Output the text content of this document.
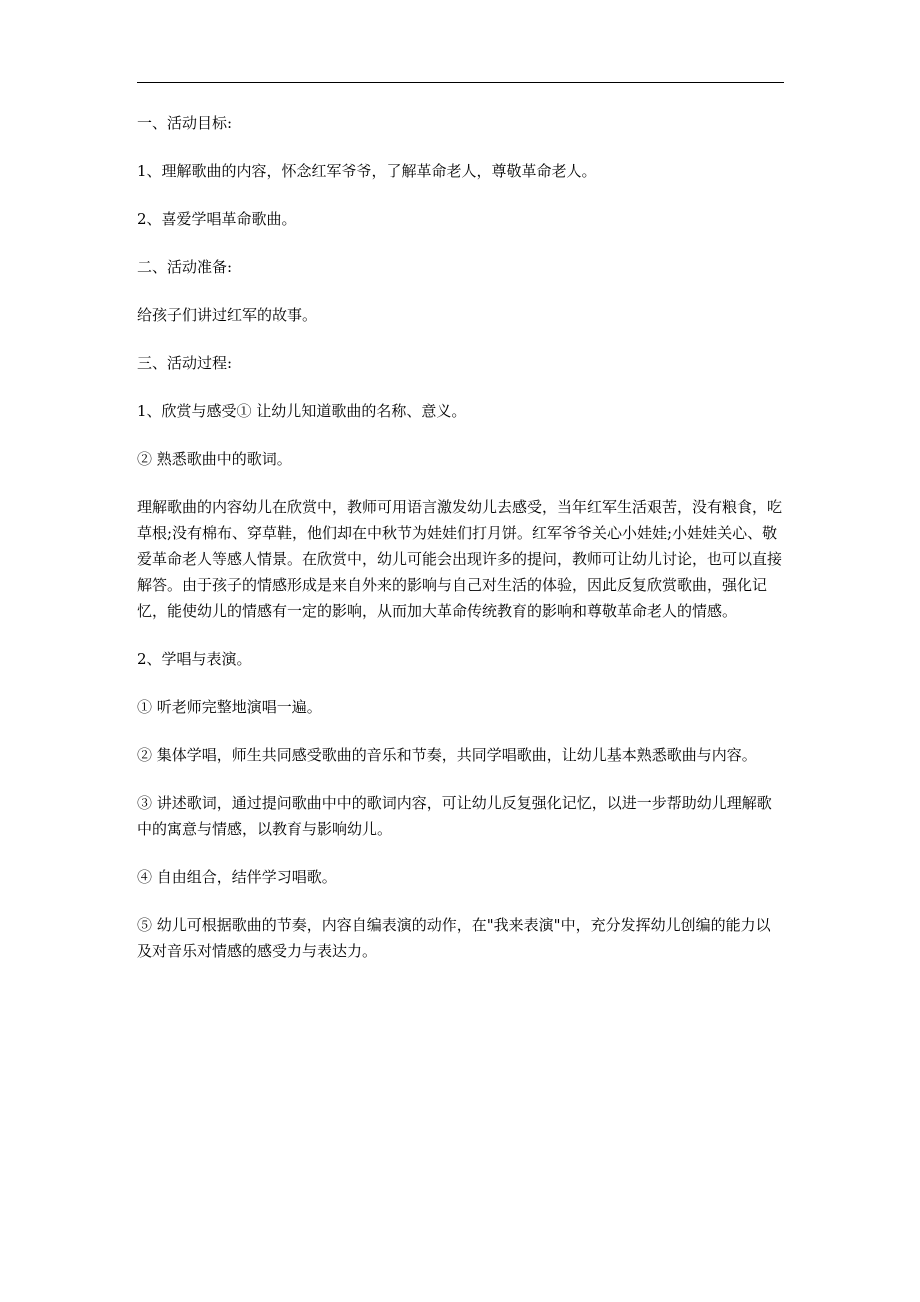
一、活动目标:

1、理解歌曲的内容，怀念红军爷爷，了解革命老人，尊敬革命老人。

2、喜爱学唱革命歌曲。

二、活动准备:

给孩子们讲过红军的故事。

三、活动过程:

1、欣赏与感受① 让幼儿知道歌曲的名称、意义。

② 熟悉歌曲中的歌词。

理解歌曲的内容幼儿在欣赏中，教师可用语言激发幼儿去感受，当年红军生活艰苦，没有粮食，吃草根;没有棉布、穿草鞋，他们却在中秋节为娃娃们打月饼。红军爷爷关心小娃娃;小娃娃关心、敬爱革命老人等感人情景。在欣赏中，幼儿可能会出现许多的提问，教师可让幼儿讨论，也可以直接解答。由于孩子的情感形成是来自外来的影响与自己对生活的体验，因此反复欣赏歌曲，强化记忆，能使幼儿的情感有一定的影响，从而加大革命传统教育的影响和尊敬革命老人的情感。

2、学唱与表演。

① 听老师完整地演唱一遍。

② 集体学唱，师生共同感受歌曲的音乐和节奏，共同学唱歌曲，让幼儿基本熟悉歌曲与内容。

③ 讲述歌词，通过提问歌曲中中的歌词内容，可让幼儿反复强化记忆，以进一步帮助幼儿理解歌中的寓意与情感，以教育与影响幼儿。

④ 自由组合，结伴学习唱歌。

⑤ 幼儿可根据歌曲的节奏，内容自编表演的动作，在"我来表演"中，充分发挥幼儿创编的能力以及对音乐对情感的感受力与表达力。
